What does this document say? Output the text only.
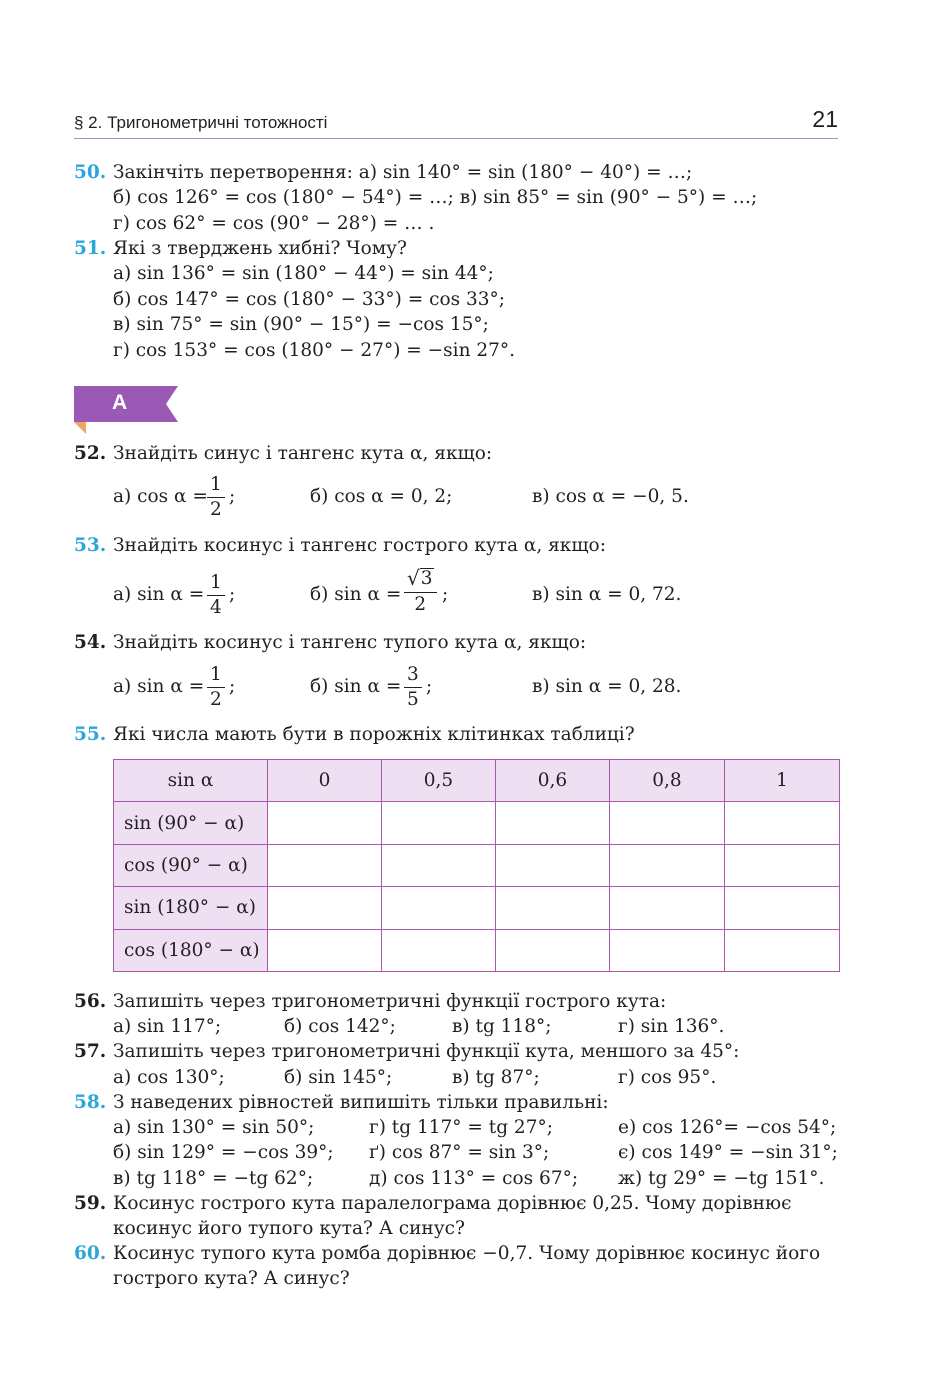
§ 2. Тригонометричні тотожності	21
50. Закінчіть перетворення: а) sin 140° = sin (180° − 40°) = …;
б) cos 126° = cos (180° − 54°) = …; в) sin 85° = sin (90° − 5°) = …;
г) cos 62° = cos (90° − 28°) = … .
51. Які з тверджень хибні? Чому?
а) sin 136° = sin (180° − 44°) = sin 44°;
б) cos 147° = cos (180° − 33°) = cos 33°;
в) sin 75° = sin (90° − 15°) = −cos 15°;
г) cos 153° = cos (180° − 27°) = −sin 27°.
А
52. Знайдіть синус і тангенс кута α, якщо:
а) $\cos \alpha = \frac{1}{2}$ ;	б) cos α = 0, 2;	в) cos α = −0, 5.
53. Знайдіть косинус і тангенс гострого кута α, якщо:
а) $\sin \alpha = \frac{1}{4}$ ;	б) $\sin \alpha = \frac{√ 3}{2}$ ;	в) sin α = 0, 72.
54. Знайдіть косинус і тангенс тупого кута α, якщо:
а) $\sin \alpha = \frac{1}{2}$ ;	б) $\sin \alpha = \frac{3}{5}$ ;	в) sin α = 0, 28.
55. Які числа мають бути в порожніх клітинках таблиці?
sin α	0	0,5	0,6	0,8	1
sin (90° − α)					
cos (90° − α)					
sin (180° − α)					
cos (180° − α)					
56. Запишіть через тригонометричні функції гострого кута:
а) sin 117°;	б) cos 142°;	в) tg 118°;	г) sin 136°.
57. Запишіть через тригонометричні функції кута, меншого за 45°:
а) cos 130°;	б) sin 145°;	в) tg 87°;	г) cos 95°.
58. З наведених рівностей випишіть тільки правильні:
а) sin 130° = sin 50°;	г) tg 117° = tg 27°;	е) cos 126°= −cos 54°;
б) sin 129° = −cos 39°; ґ) cos 87° = sin 3°;	є) cos 149° = −sin 31°;
в) tg 118° = −tg 62°;	д) cos 113° = cos 67°; ж) tg 29° = −tg 151°.
59. Косинус гострого кута паралелограма дорівнює 0,25. Чому дорівнює
косинус його тупого кута? А синус?
60. Косинус тупого кута ромба дорівнює −0,7. Чому дорівнює косинус його
гострого кута? А синус?
